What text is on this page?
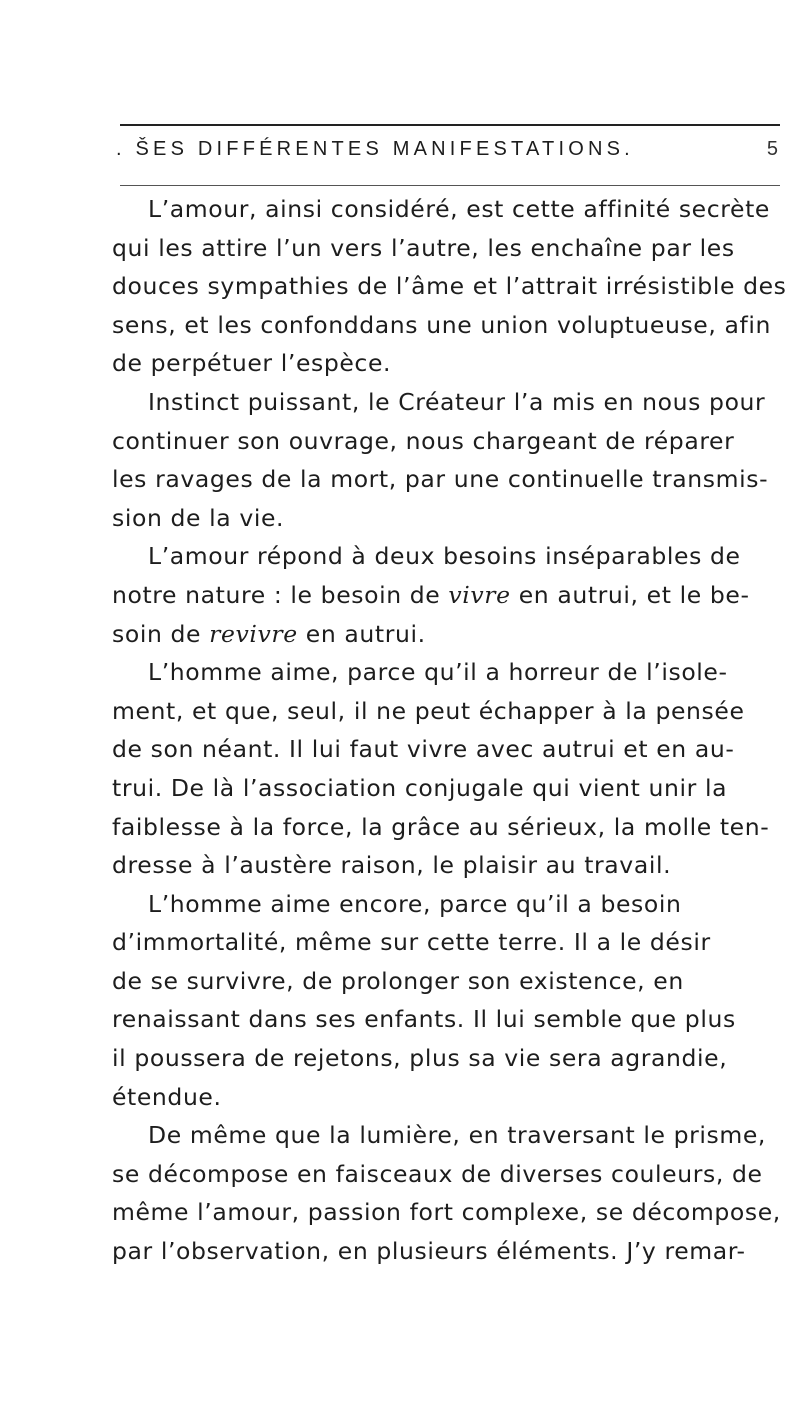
. ŠES DIFFÉRENTES MANIFESTATIONS.	5
L’amour, ainsi considéré, est cette affinité secrète
qui les attire l’un vers l’autre, les enchaîne par les
douces sympathies de l’âme et l’attrait irrésistible des
sens, et les confonddans une union voluptueuse, afin
de perpétuer l’espèce.
Instinct puissant, le Créateur l’a mis en nous pour
continuer son ouvrage, nous chargeant de réparer
les ravages de la mort, par une continuelle transmis-
sion de la vie.
L’amour répond à deux besoins inséparables de
notre nature : le besoin de vivre en autrui, et le be-
soin de revivre en autrui.
L’homme aime, parce qu’il a horreur de l’isole-
ment, et que, seul, il ne peut échapper à la pensée
de son néant. Il lui faut vivre avec autrui et en au-
trui. De là l’association conjugale qui vient unir la
faiblesse à la force, la grâce au sérieux, la molle ten-
dresse à l’austère raison, le plaisir au travail.
L’homme aime encore, parce qu’il a besoin
d’immortalité, même sur cette terre. Il a le désir
de se survivre, de prolonger son existence, en
renaissant dans ses enfants. Il lui semble que plus
il poussera de rejetons, plus sa vie sera agrandie,
étendue.
De même que la lumière, en traversant le prisme,
se décompose en faisceaux de diverses couleurs, de
même l’amour, passion fort complexe, se décompose,
par l’observation, en plusieurs éléments. J’y remar-
